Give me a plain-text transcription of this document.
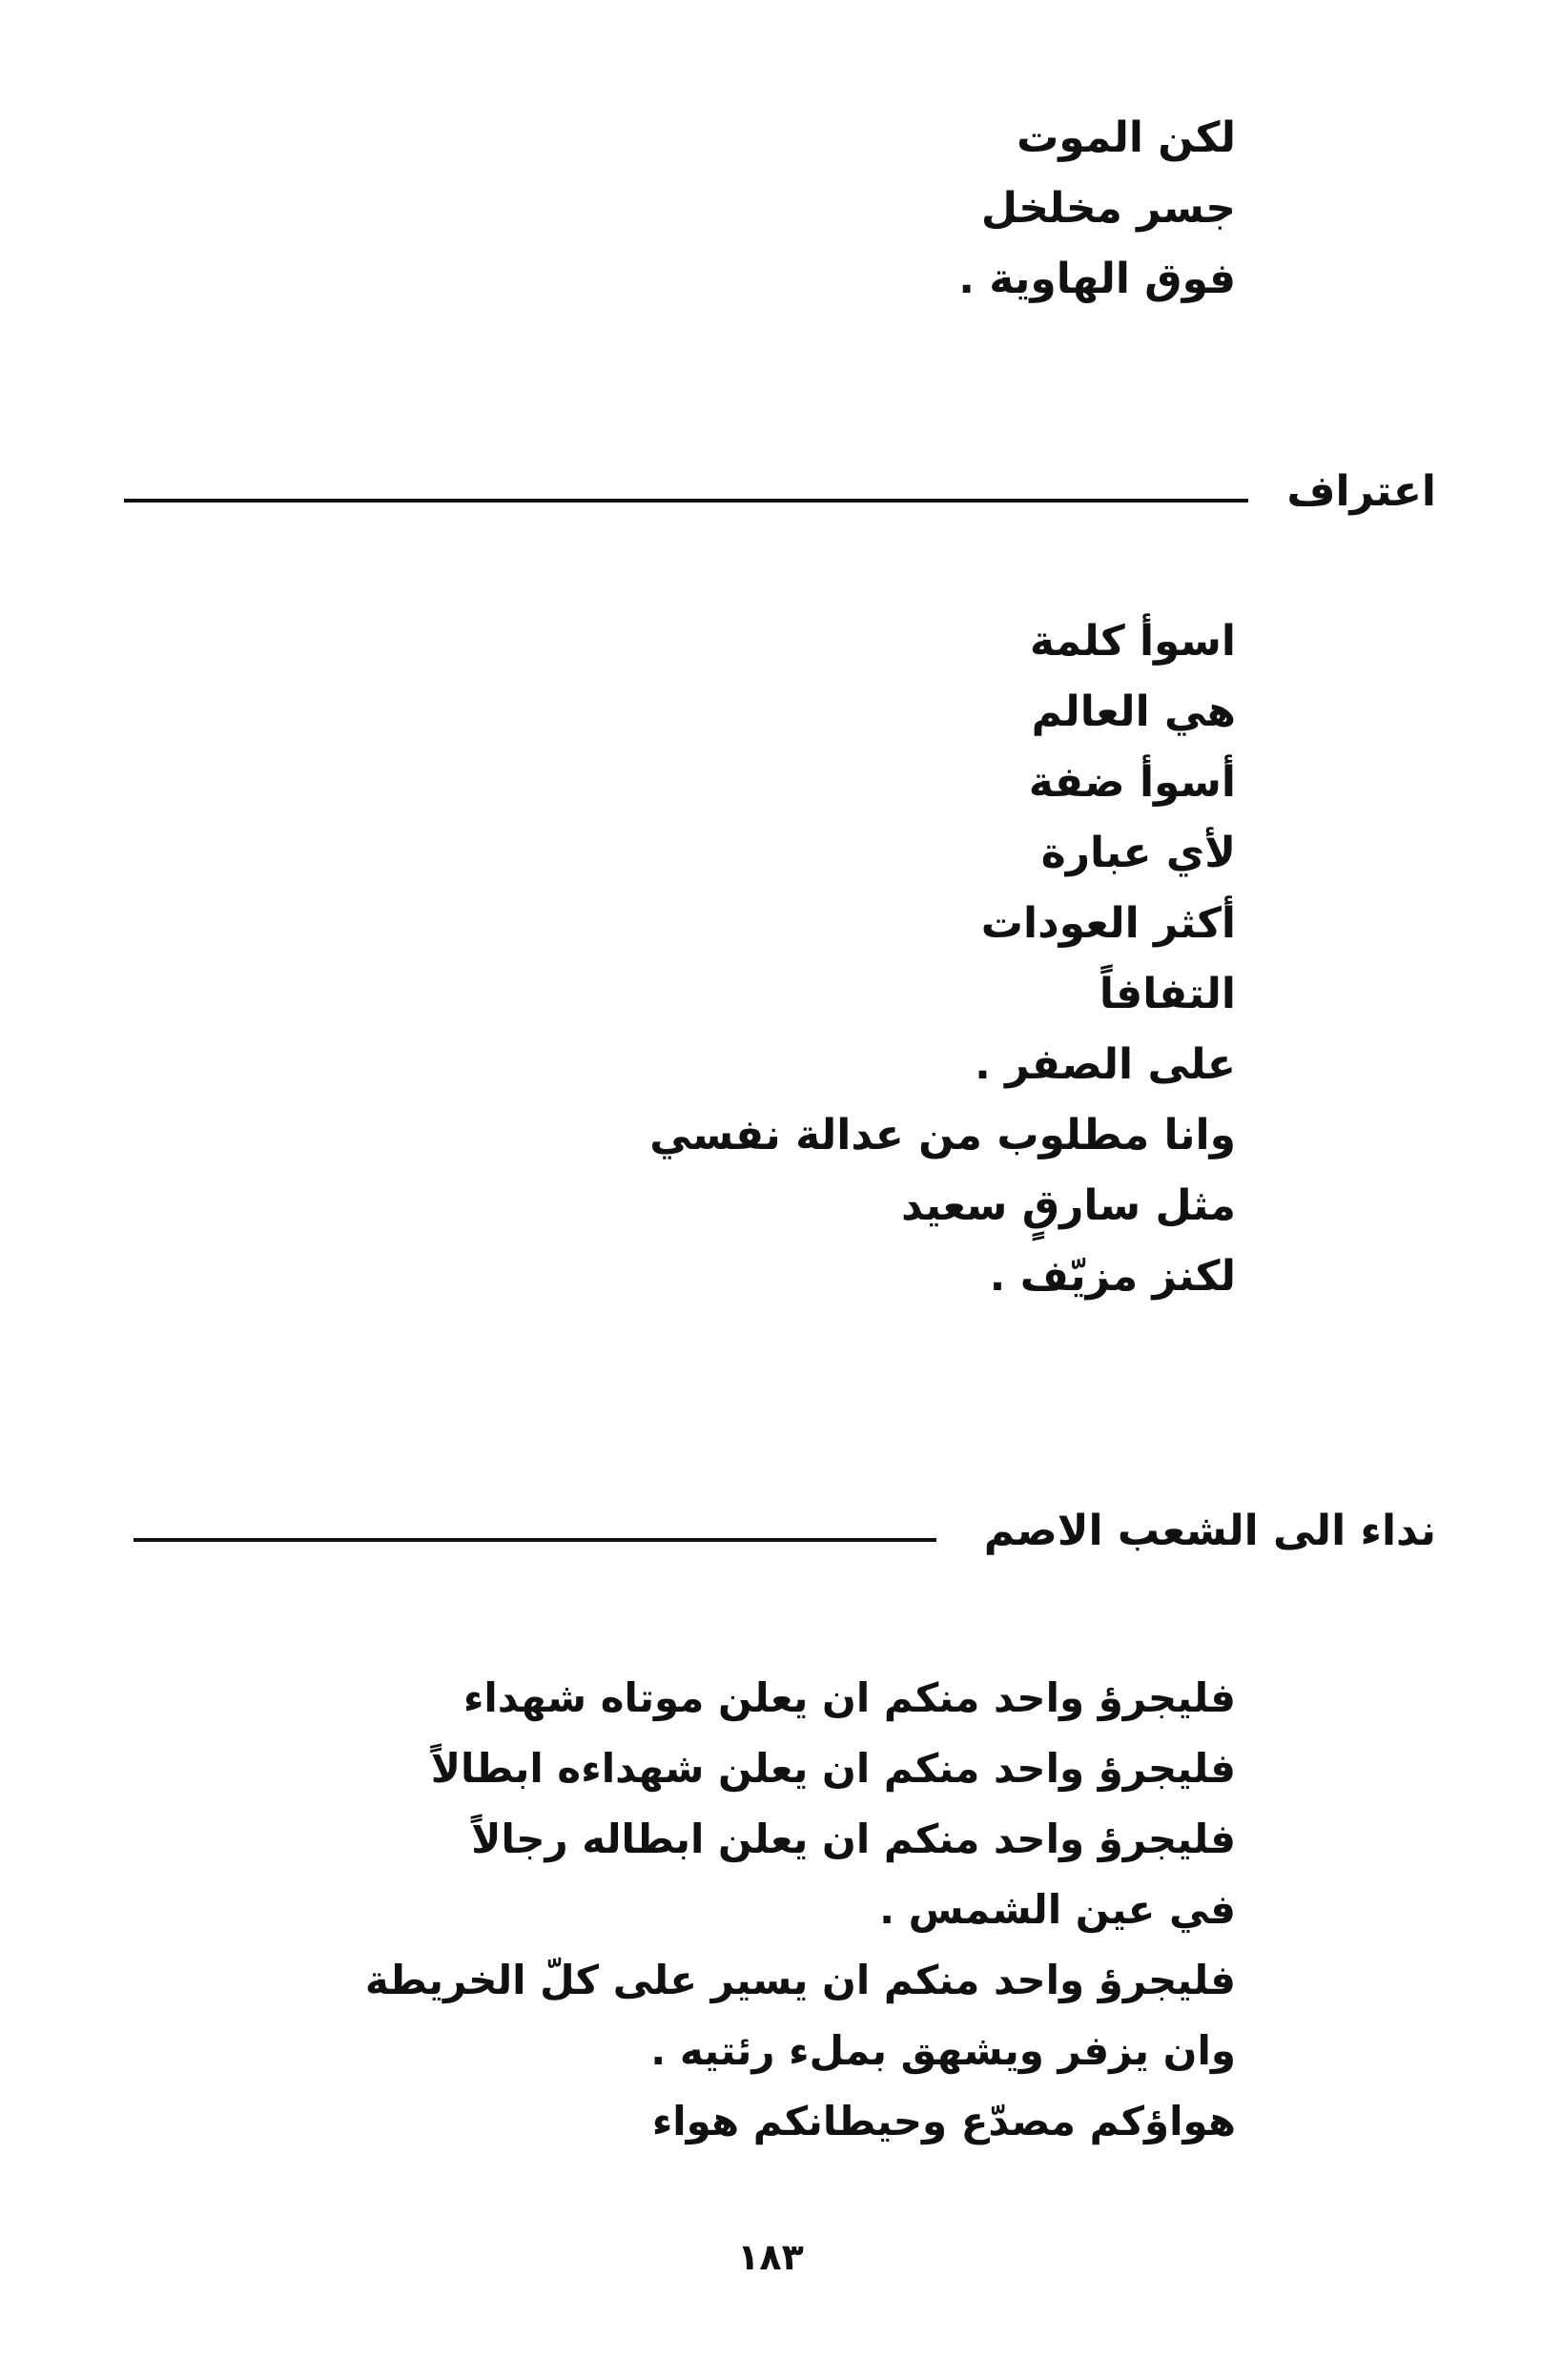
لكن الموت
جسر مخلخل
فوق الهاوية .
اعتراف
اسوأ كلمة
هي العالم
أسوأ ضفة
لأي عبارة
أكثر العودات
التفافاً
على الصفر .
وانا مطلوب من عدالة نفسي
مثل سارقٍ سعيد
لكنز مزيّف .
نداء الى الشعب الاصم
فليجرؤ واحد منكم ان يعلن موتاه شهداء
فليجرؤ واحد منكم ان يعلن شهداءه ابطالاً
فليجرؤ واحد منكم ان يعلن ابطاله رجالاً
في عين الشمس .
فليجرؤ واحد منكم ان يسير على كلّ الخريطة
وان يزفر ويشهق بملء رئتيه .
هواؤكم مصدّع وحيطانكم هواء
١٨٣
